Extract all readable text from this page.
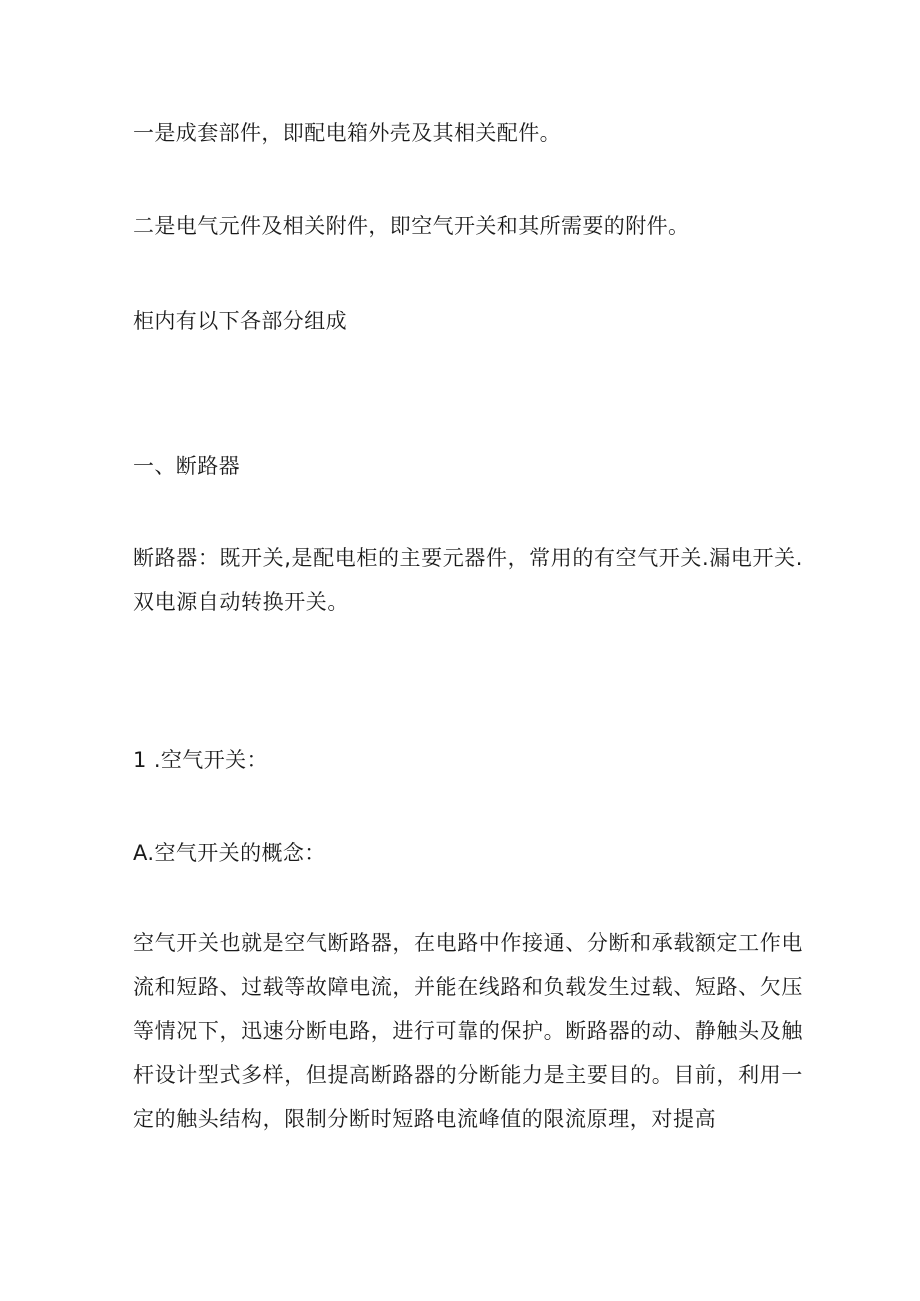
一是成套部件，即配电箱外壳及其相关配件。
二是电气元件及相关附件，即空气开关和其所需要的附件。
柜内有以下各部分组成
一、断路器

断路器：既开关,是配电柜的主要元器件，常用的有空气开关.漏电开关.双电源自动转换开关。

1 .空气开关：
A.空气开关的概念：

空气开关也就是空气断路器，在电路中作接通、分断和承载额定工作电流和短路、过载等故障电流，并能在线路和负载发生过载、短路、欠压等情况下，迅速分断电路，进行可靠的保护。断路器的动、静触头及触杆设计型式多样，但提高断路器的分断能力是主要目的。目前，利用一定的触头结构，限制分断时短路电流峰值的限流原理，对提高
